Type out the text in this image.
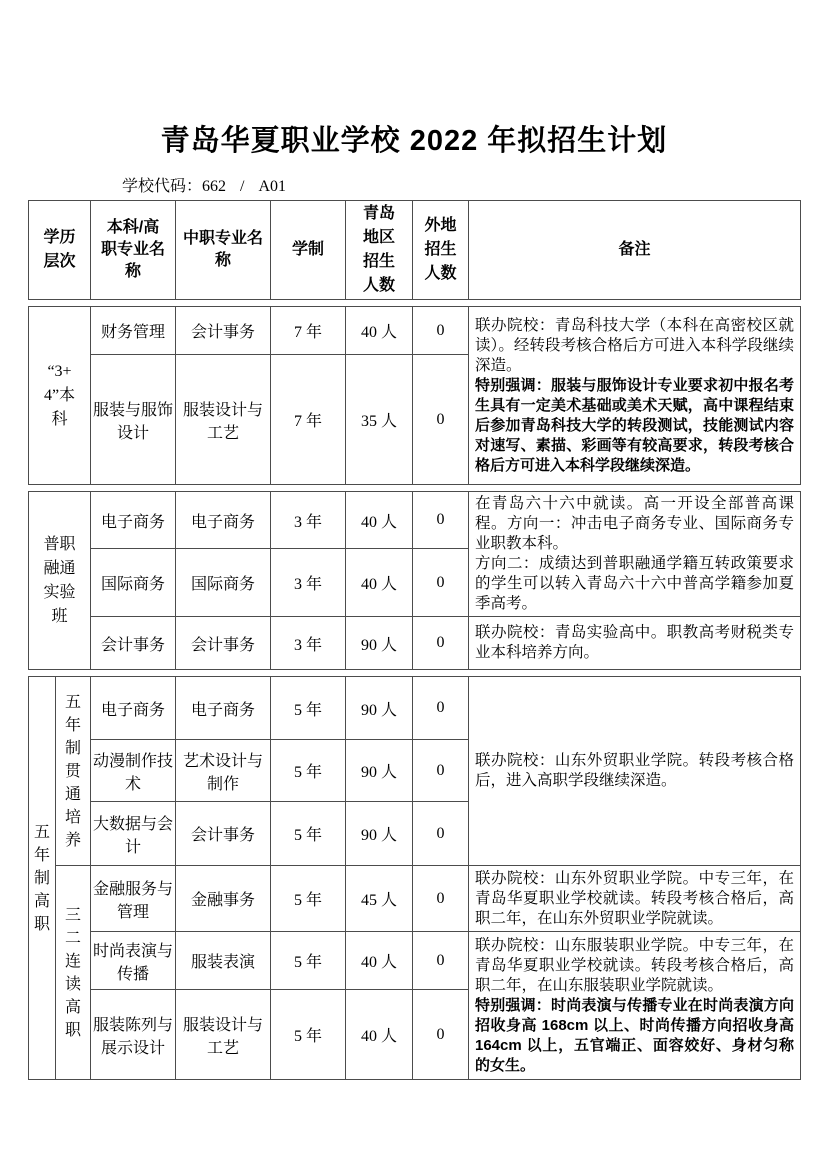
青岛华夏职业学校 2022 年拟招生计划
学校代码：662 / A01
学历层次	本科/高职专业名称	中职专业名称	学制	青岛地区招生人数	外地招生人数	备注
“3+4”本科	财务管理	会计事务	7 年	40 人	0	联办院校：青岛科技大学（本科在高密校区就读）。经转段考核合格后方可进入本科学段继续深造。

特别强调：服装与服饰设计专业要求初中报名考生具有一定美术基础或美术天赋，高中课程结束后参加青岛科技大学的转段测试，技能测试内容对速写、素描、彩画等有较高要求，转段考核合格后方可进入本科学段继续深造。

	服装与服饰设计	服装设计与工艺	7 年	35 人	0	
普职融通实验班	电子商务	电子商务	3 年	40 人	0	在青岛六十六中就读。高一开设全部普高课程。方向一：冲击电子商务专业、国际商务专业职教本科。

方向二：成绩达到普职融通学籍互转政策要求的学生可以转入青岛六十六中普高学籍参加夏季高考。

	国际商务	国际商务	3 年	40 人	0	
	会计事务	会计事务	3 年	90 人	0	联办院校：青岛实验高中。职教高考财税类专业本科培养方向。

五年制高职	五年制贯通培养	电子商务	电子商务	5 年	90 人	0	联办院校：山东外贸职业学院。转段考核合格后，进入高职学段继续深造。

		动漫制作技术	艺术设计与制作	5 年	90 人	0	
		大数据与会计	会计事务	5 年	90 人	0	
	三二连读高职	金融服务与管理	金融事务	5 年	45 人	0	联办院校：山东外贸职业学院。中专三年，在青岛华夏职业学校就读。转段考核合格后，高职二年，在山东外贸职业学院就读。

		时尚表演与传播	服装表演	5 年	40 人	0	联办院校：山东服装职业学院。中专三年，在青岛华夏职业学校就读。转段考核合格后，高职二年，在山东服装职业学院就读。

特别强调：时尚表演与传播专业在时尚表演方向招收身高 168cm 以上、时尚传播方向招收身高 164cm 以上，五官端正、面容姣好、身材匀称的女生。

		服装陈列与展示设计	服装设计与工艺	5 年	40 人	0	
